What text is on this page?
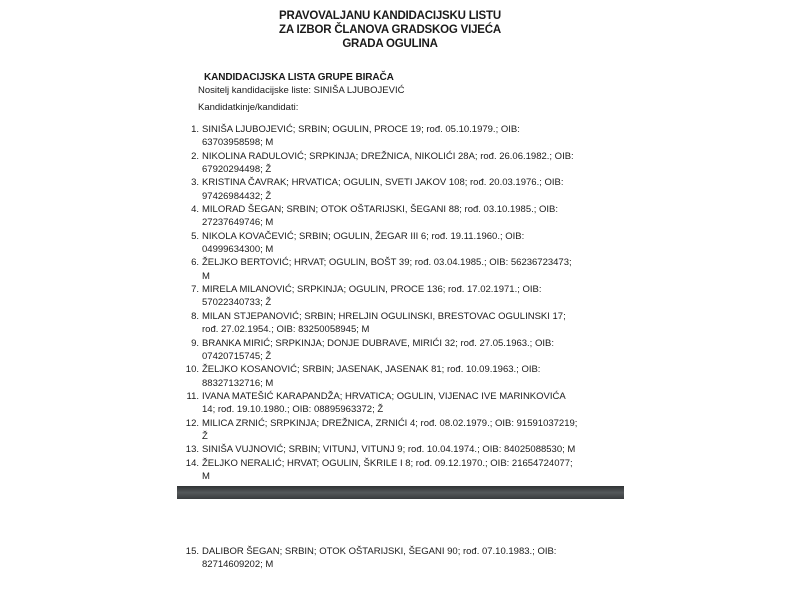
PRAVOVALJANU KANDIDACIJSKU LISTU
ZA IZBOR ČLANOVA GRADSKOG VIJEĆA
GRADA OGULINA
KANDIDACIJSKA LISTA GRUPE BIRAČA
Nositelj kandidacijske liste: SINIŠA LJUBOJEVIĆ
Kandidatkinje/kandidati:
1. SINIŠA LJUBOJEVIĆ; SRBIN; OGULIN, PROCE 19; rođ. 05.10.1979.; OIB:
63703958598; M
2. NIKOLINA RADULOVIĆ; SRPKINJA; DREŽNICA, NIKOLIĆI 28A; rođ. 26.06.1982.; OIB:
67920294498; Ž
3. KRISTINA ČAVRAK; HRVATICA; OGULIN, SVETI JAKOV 108; rođ. 20.03.1976.; OIB:
97426984432; Ž
4. MILORAD ŠEGAN; SRBIN; OTOK OŠTARIJSKI, ŠEGANI 88; rođ. 03.10.1985.; OIB:
27237649746; M
5. NIKOLA KOVAČEVIĆ; SRBIN; OGULIN, ŽEGAR III 6; rođ. 19.11.1960.; OIB:
04999634300; M
6. ŽELJKO BERTOVIĆ; HRVAT; OGULIN, BOŠT 39; rođ. 03.04.1985.; OIB: 56236723473;
M
7. MIRELA MILANOVIĆ; SRPKINJA; OGULIN, PROCE 136; rođ. 17.02.1971.; OIB:
57022340733; Ž
8. MILAN STJEPANOVIĆ; SRBIN; HRELJIN OGULINSKI, BRESTOVAC OGULINSKI 17;
rođ. 27.02.1954.; OIB: 83250058945; M
9. BRANKA MIRIĆ; SRPKINJA; DONJE DUBRAVE, MIRIĆI 32; rođ. 27.05.1963.; OIB:
07420715745; Ž
10. ŽELJKO KOSANOVIĆ; SRBIN; JASENAK, JASENAK 81; rođ. 10.09.1963.; OIB:
88327132716; M
11. IVANA MATEŠIĆ KARAPANDŽA; HRVATICA; OGULIN, VIJENAC IVE MARINKOVIĆA
14; rođ. 19.10.1980.; OIB: 08895963372; Ž
12. MILICA ZRNIĆ; SRPKINJA; DREŽNICA, ZRNIĆI 4; rođ. 08.02.1979.; OIB: 91591037219;
Ž
13. SINIŠA VUJNOVIĆ; SRBIN; VITUNJ, VITUNJ 9; rođ. 10.04.1974.; OIB: 84025088530; M
14. ŽELJKO NERALIĆ; HRVAT; OGULIN, ŠKRILE I 8; rođ. 09.12.1970.; OIB: 21654724077;
M
15. DALIBOR ŠEGAN; SRBIN; OTOK OŠTARIJSKI, ŠEGANI 90; rođ. 07.10.1983.; OIB:
82714609202; M
